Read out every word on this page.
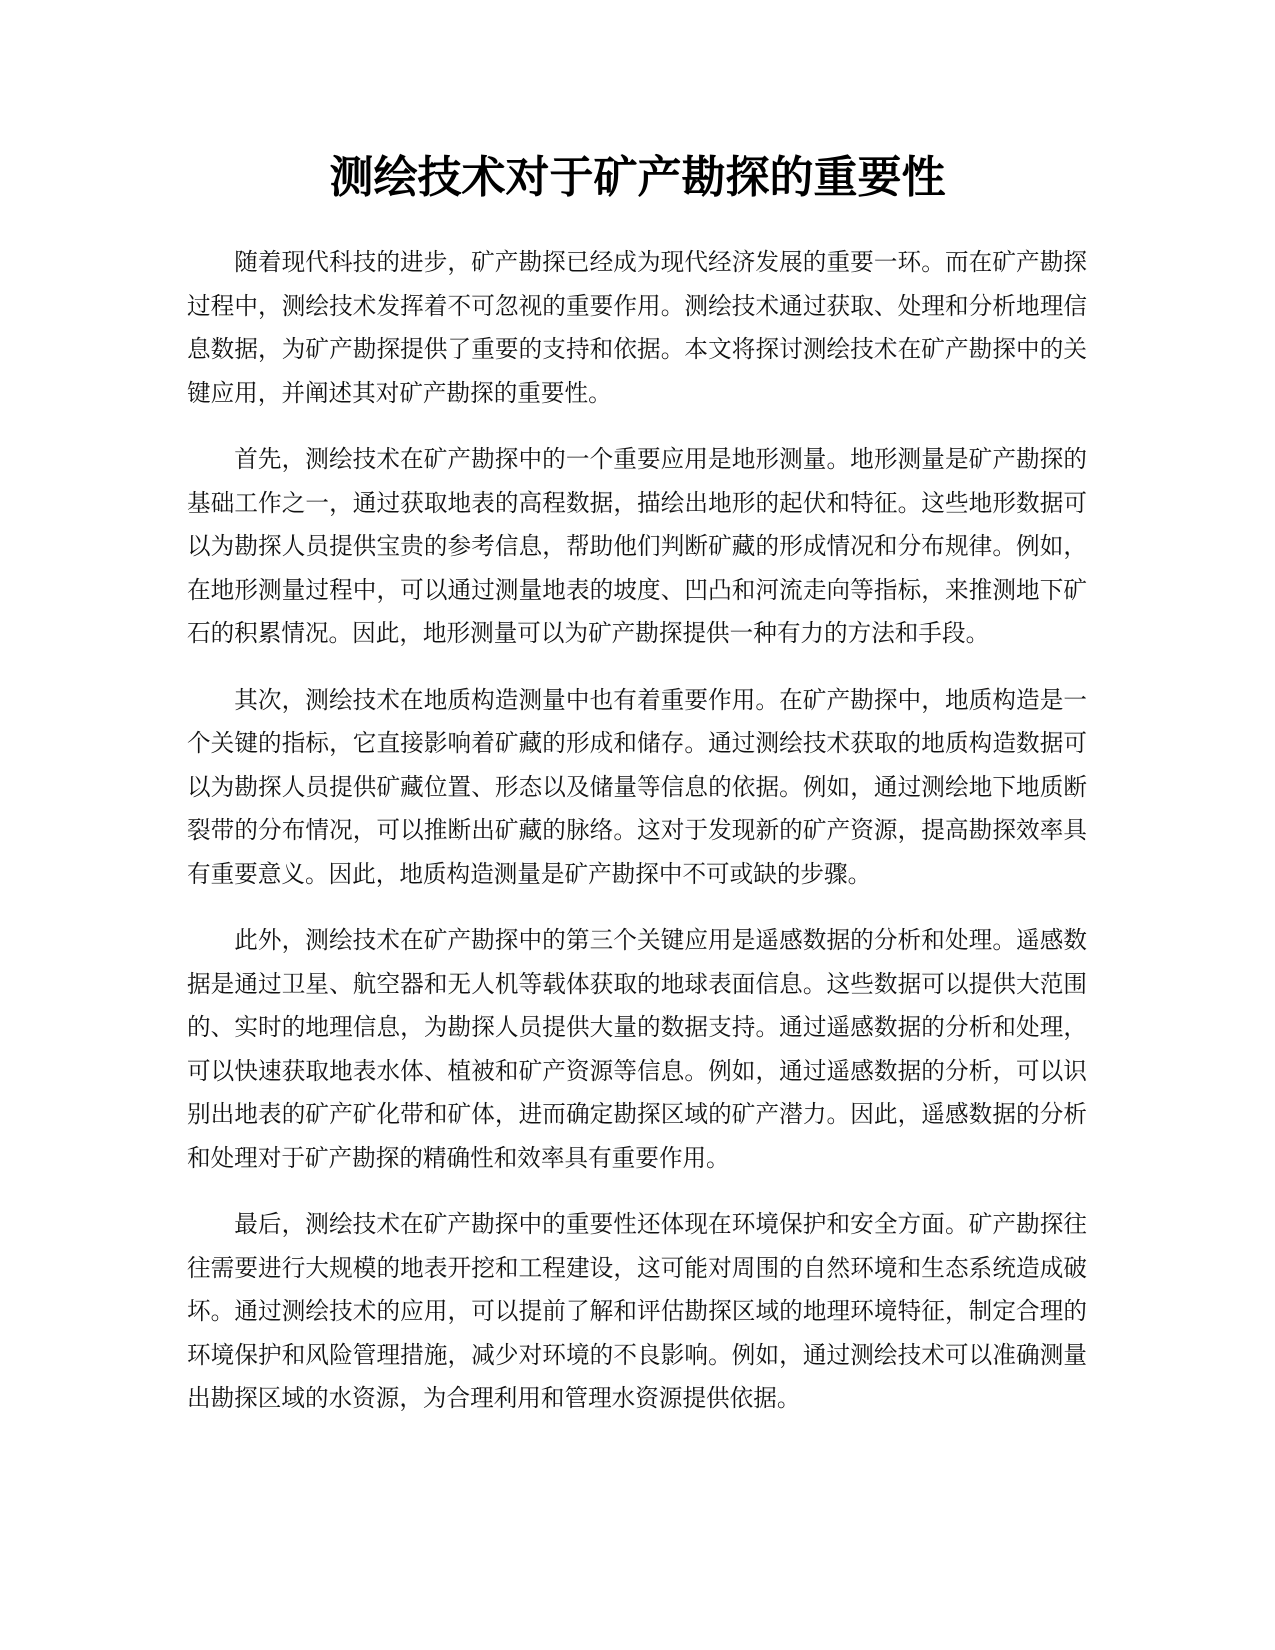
测绘技术对于矿产勘探的重要性

随着现代科技的进步，矿产勘探已经成为现代经济发展的重要一环。而在矿产勘探过程中，测绘技术发挥着不可忽视的重要作用。测绘技术通过获取、处理和分析地理信息数据，为矿产勘探提供了重要的支持和依据。本文将探讨测绘技术在矿产勘探中的关键应用，并阐述其对矿产勘探的重要性。

首先，测绘技术在矿产勘探中的一个重要应用是地形测量。地形测量是矿产勘探的基础工作之一，通过获取地表的高程数据，描绘出地形的起伏和特征。这些地形数据可以为勘探人员提供宝贵的参考信息，帮助他们判断矿藏的形成情况和分布规律。例如，在地形测量过程中，可以通过测量地表的坡度、凹凸和河流走向等指标，来推测地下矿石的积累情况。因此，地形测量可以为矿产勘探提供一种有力的方法和手段。

其次，测绘技术在地质构造测量中也有着重要作用。在矿产勘探中，地质构造是一个关键的指标，它直接影响着矿藏的形成和储存。通过测绘技术获取的地质构造数据可以为勘探人员提供矿藏位置、形态以及储量等信息的依据。例如，通过测绘地下地质断裂带的分布情况，可以推断出矿藏的脉络。这对于发现新的矿产资源，提高勘探效率具有重要意义。因此，地质构造测量是矿产勘探中不可或缺的步骤。

此外，测绘技术在矿产勘探中的第三个关键应用是遥感数据的分析和处理。遥感数据是通过卫星、航空器和无人机等载体获取的地球表面信息。这些数据可以提供大范围的、实时的地理信息，为勘探人员提供大量的数据支持。通过遥感数据的分析和处理，可以快速获取地表水体、植被和矿产资源等信息。例如，通过遥感数据的分析，可以识别出地表的矿产矿化带和矿体，进而确定勘探区域的矿产潜力。因此，遥感数据的分析和处理对于矿产勘探的精确性和效率具有重要作用。

最后，测绘技术在矿产勘探中的重要性还体现在环境保护和安全方面。矿产勘探往往需要进行大规模的地表开挖和工程建设，这可能对周围的自然环境和生态系统造成破坏。通过测绘技术的应用，可以提前了解和评估勘探区域的地理环境特征，制定合理的环境保护和风险管理措施，减少对环境的不良影响。例如，通过测绘技术可以准确测量出勘探区域的水资源，为合理利用和管理水资源提供依据。
